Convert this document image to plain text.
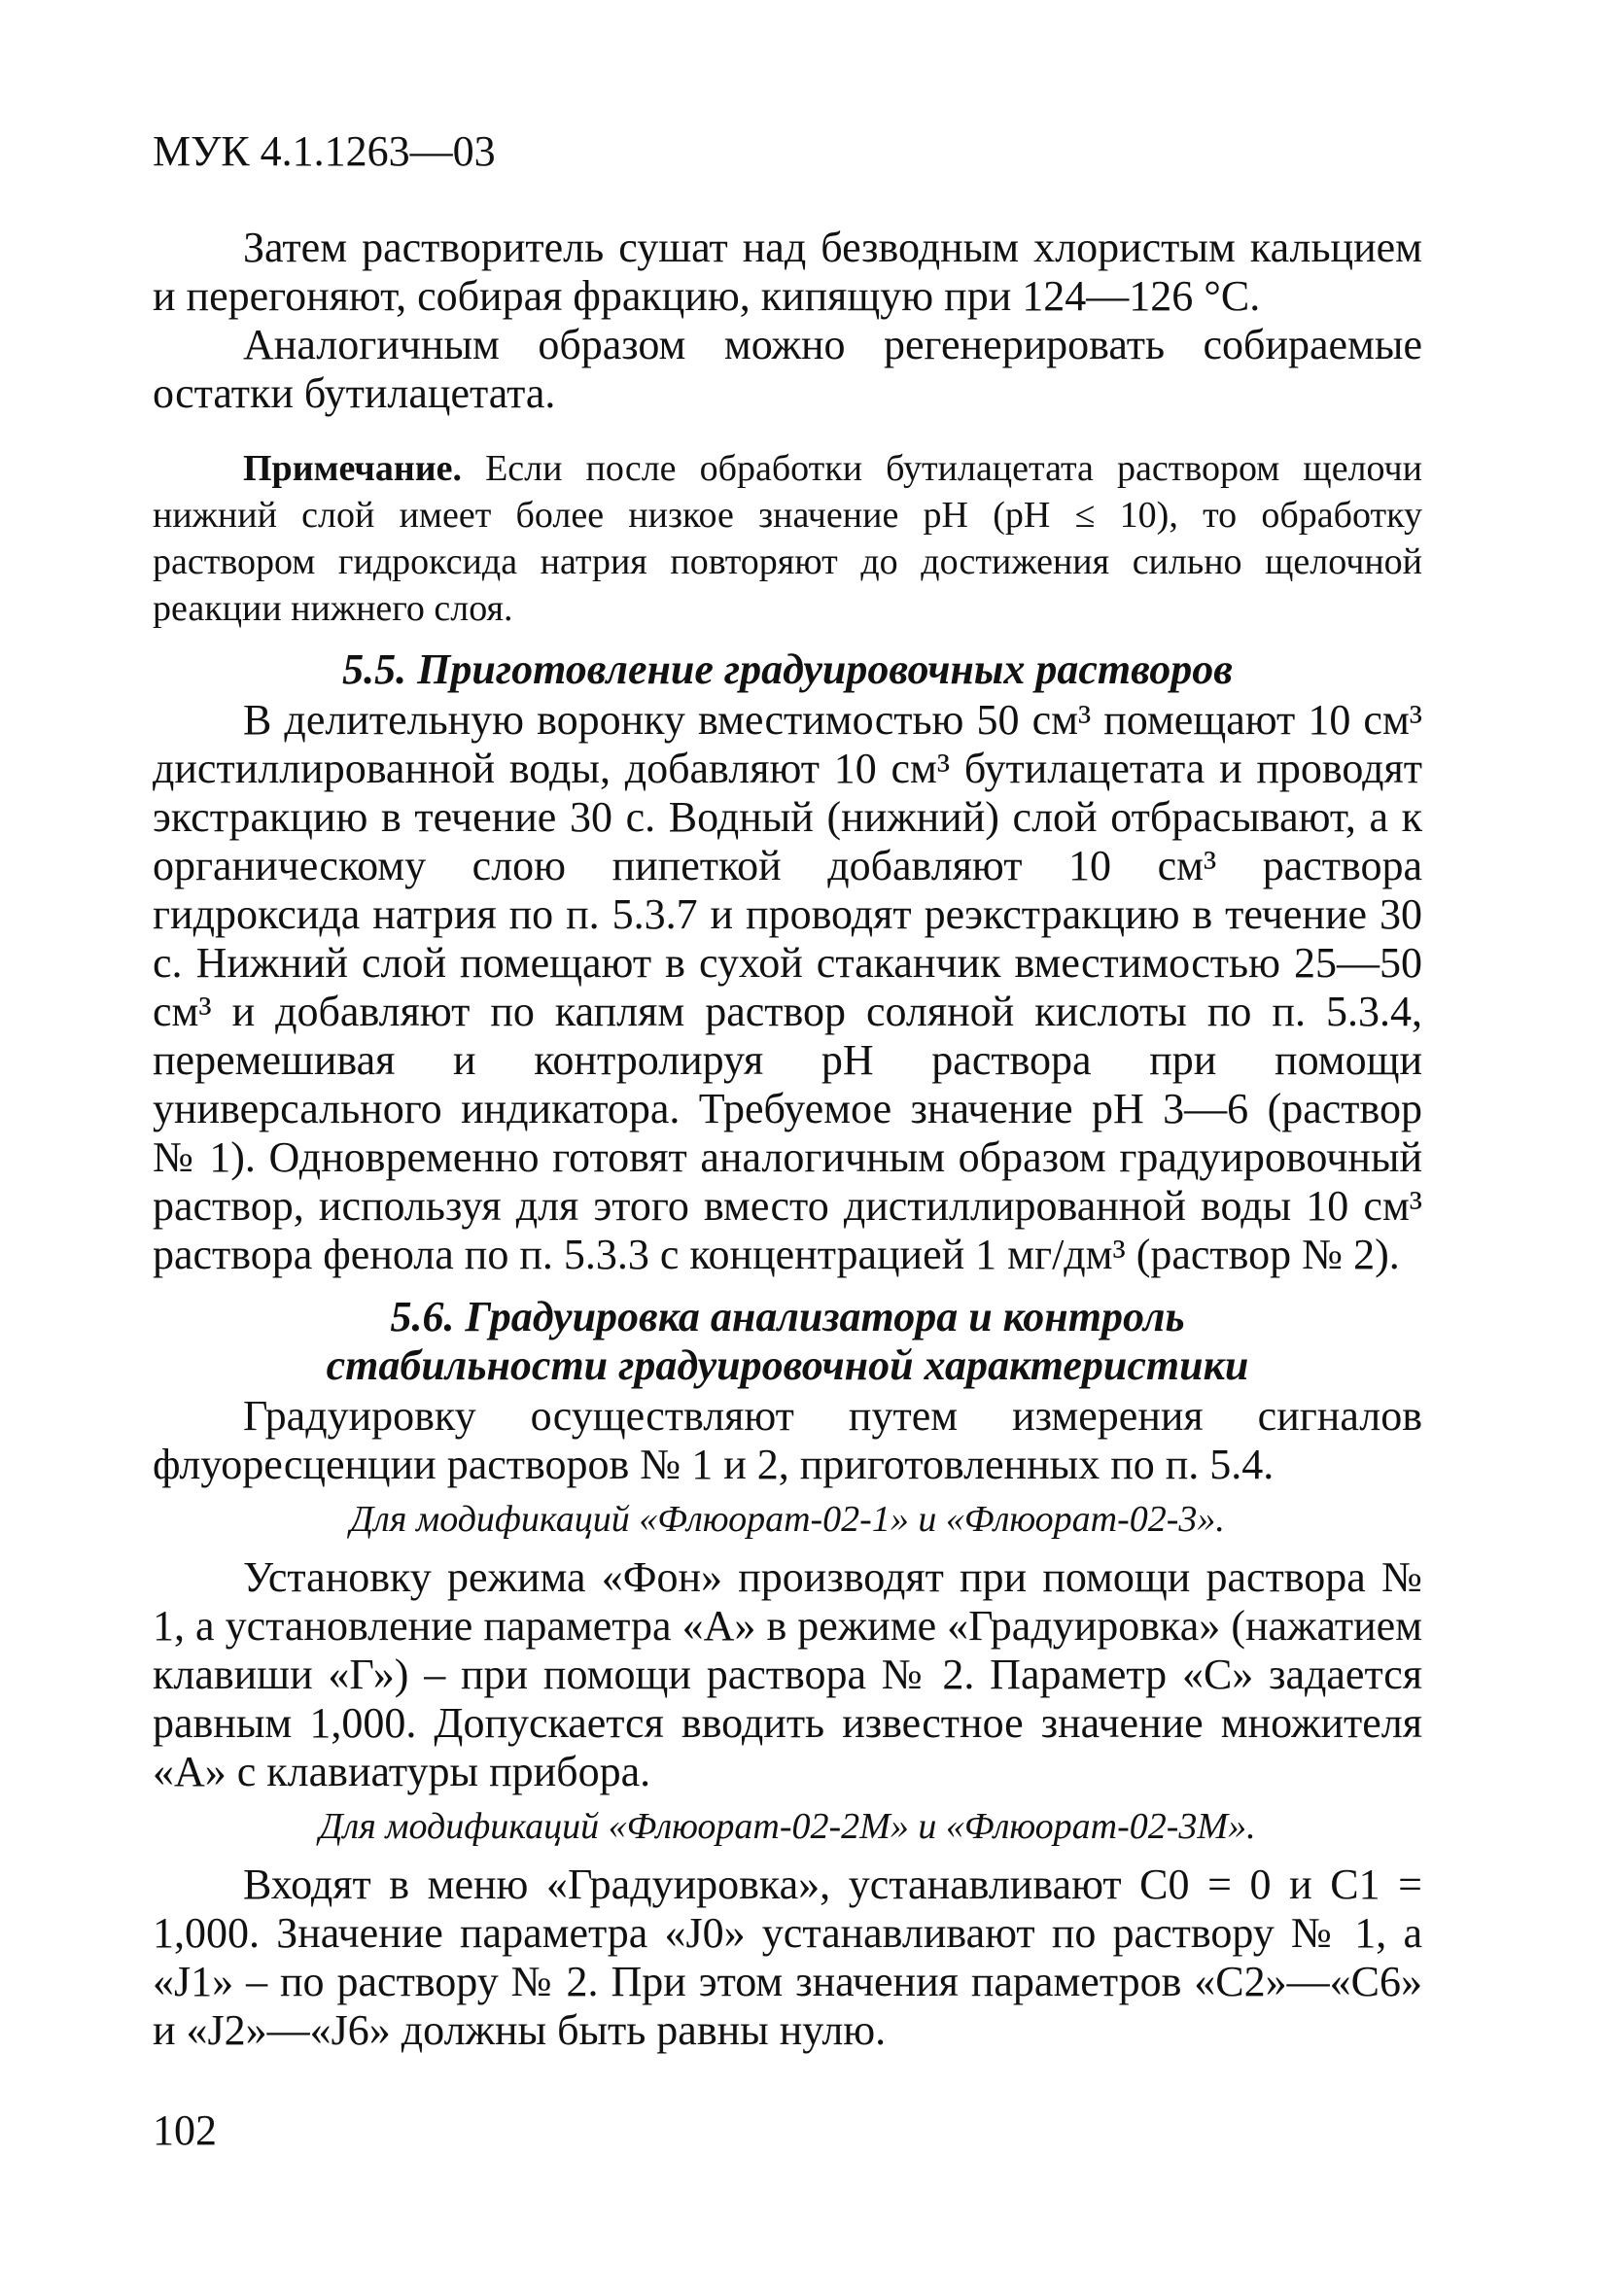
МУК 4.1.1263—03

Затем растворитель сушат над безводным хлористым кальцием и перегоняют, собирая фракцию, кипящую при 124—126 °С.

Аналогичным образом можно регенерировать собираемые остатки бутилацетата.

Примечание. Если после обработки бутилацетата раствором щелочи нижний слой имеет более низкое значение рН (рН ≤ 10), то обработку раствором гидроксида натрия повторяют до достижения сильно щелочной реакции нижнего слоя.

5.5. Приготовление градуировочных растворов

В делительную воронку вместимостью 50 см³ помещают 10 см³ дистиллированной воды, добавляют 10 см³ бутилацетата и проводят экстракцию в течение 30 с. Водный (нижний) слой отбрасывают, а к органическому слою пипеткой добавляют 10 см³ раствора гидроксида натрия по п. 5.3.7 и проводят реэкстракцию в течение 30 с. Нижний слой помещают в сухой стаканчик вместимостью 25—50 см³ и добавляют по каплям раствор соляной кислоты по п. 5.3.4, перемешивая и контролируя рН раствора при помощи универсального индикатора. Требуемое значение рН 3—6 (раствор № 1). Одновременно готовят аналогичным образом градуировочный раствор, используя для этого вместо дистиллированной воды 10 см³ раствора фенола по п. 5.3.3 с концентрацией 1 мг/дм³ (раствор № 2).

5.6. Градуировка анализатора и контроль стабильности градуировочной характеристики

Градуировку осуществляют путем измерения сигналов флуоресценции растворов № 1 и 2, приготовленных по п. 5.4.

Для модификаций «Флюорат-02-1» и «Флюорат-02-3».

Установку режима «Фон» производят при помощи раствора № 1, а установление параметра «А» в режиме «Градуировка» (нажатием клавиши «Г») – при помощи раствора № 2. Параметр «С» задается равным 1,000. Допускается вводить известное значение множителя «А» с клавиатуры прибора.

Для модификаций «Флюорат-02-2М» и «Флюорат-02-3М».

Входят в меню «Градуировка», устанавливают С0 = 0 и С1 = 1,000. Значение параметра «J0» устанавливают по раствору № 1, а «J1» – по раствору № 2. При этом значения параметров «С2»—«С6» и «J2»—«J6» должны быть равны нулю.

102
